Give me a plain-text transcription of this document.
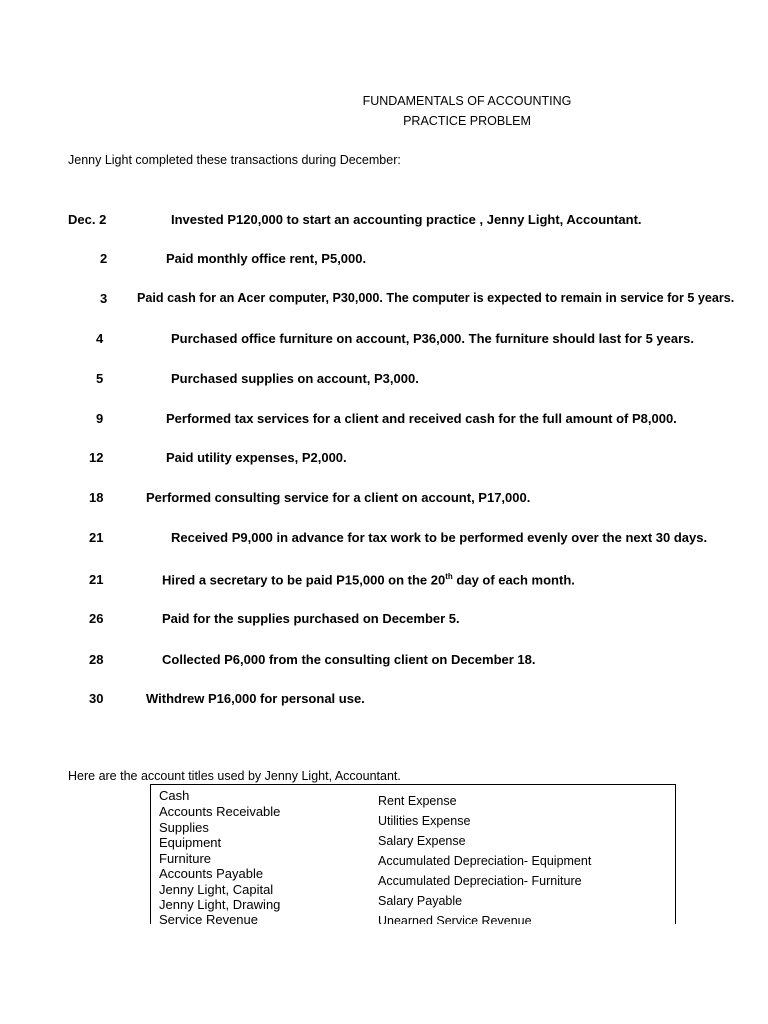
FUNDAMENTALS OF ACCOUNTING
PRACTICE PROBLEM
Jenny Light completed these transactions during December:
Dec. 2	Invested P120,000 to start an accounting practice , Jenny Light, Accountant.
2	Paid monthly office rent, P5,000.
3 Paid cash for an Acer computer, P30,000. The computer is expected to remain in service for 5 years.
4	Purchased office furniture on account, P36,000. The furniture should last for 5 years.
5	Purchased supplies on account, P3,000.
9	Performed tax services for a client and received cash for the full amount of P8,000.
12	Paid utility expenses, P2,000.
18	Performed consulting service for a client on account, P17,000.
21	Received P9,000 in advance for tax work to be performed evenly over the next 30 days.
21	Hired a secretary to be paid P15,000 on the 20th day of each month.
26	Paid for the supplies purchased on December 5.
28	Collected P6,000 from the consulting client on December 18.
30	Withdrew P16,000 for personal use.
Here are the account titles used by Jenny Light, Accountant.
Cash
Accounts Receivable
Supplies
Equipment
Furniture
Accounts Payable
Jenny Light, Capital
Jenny Light, Drawing
Service Revenue
Rent Expense
Utilities Expense
Salary Expense
Accumulated Depreciation- Equipment
Accumulated Depreciation- Furniture
Salary Payable
Unearned Service Revenue
